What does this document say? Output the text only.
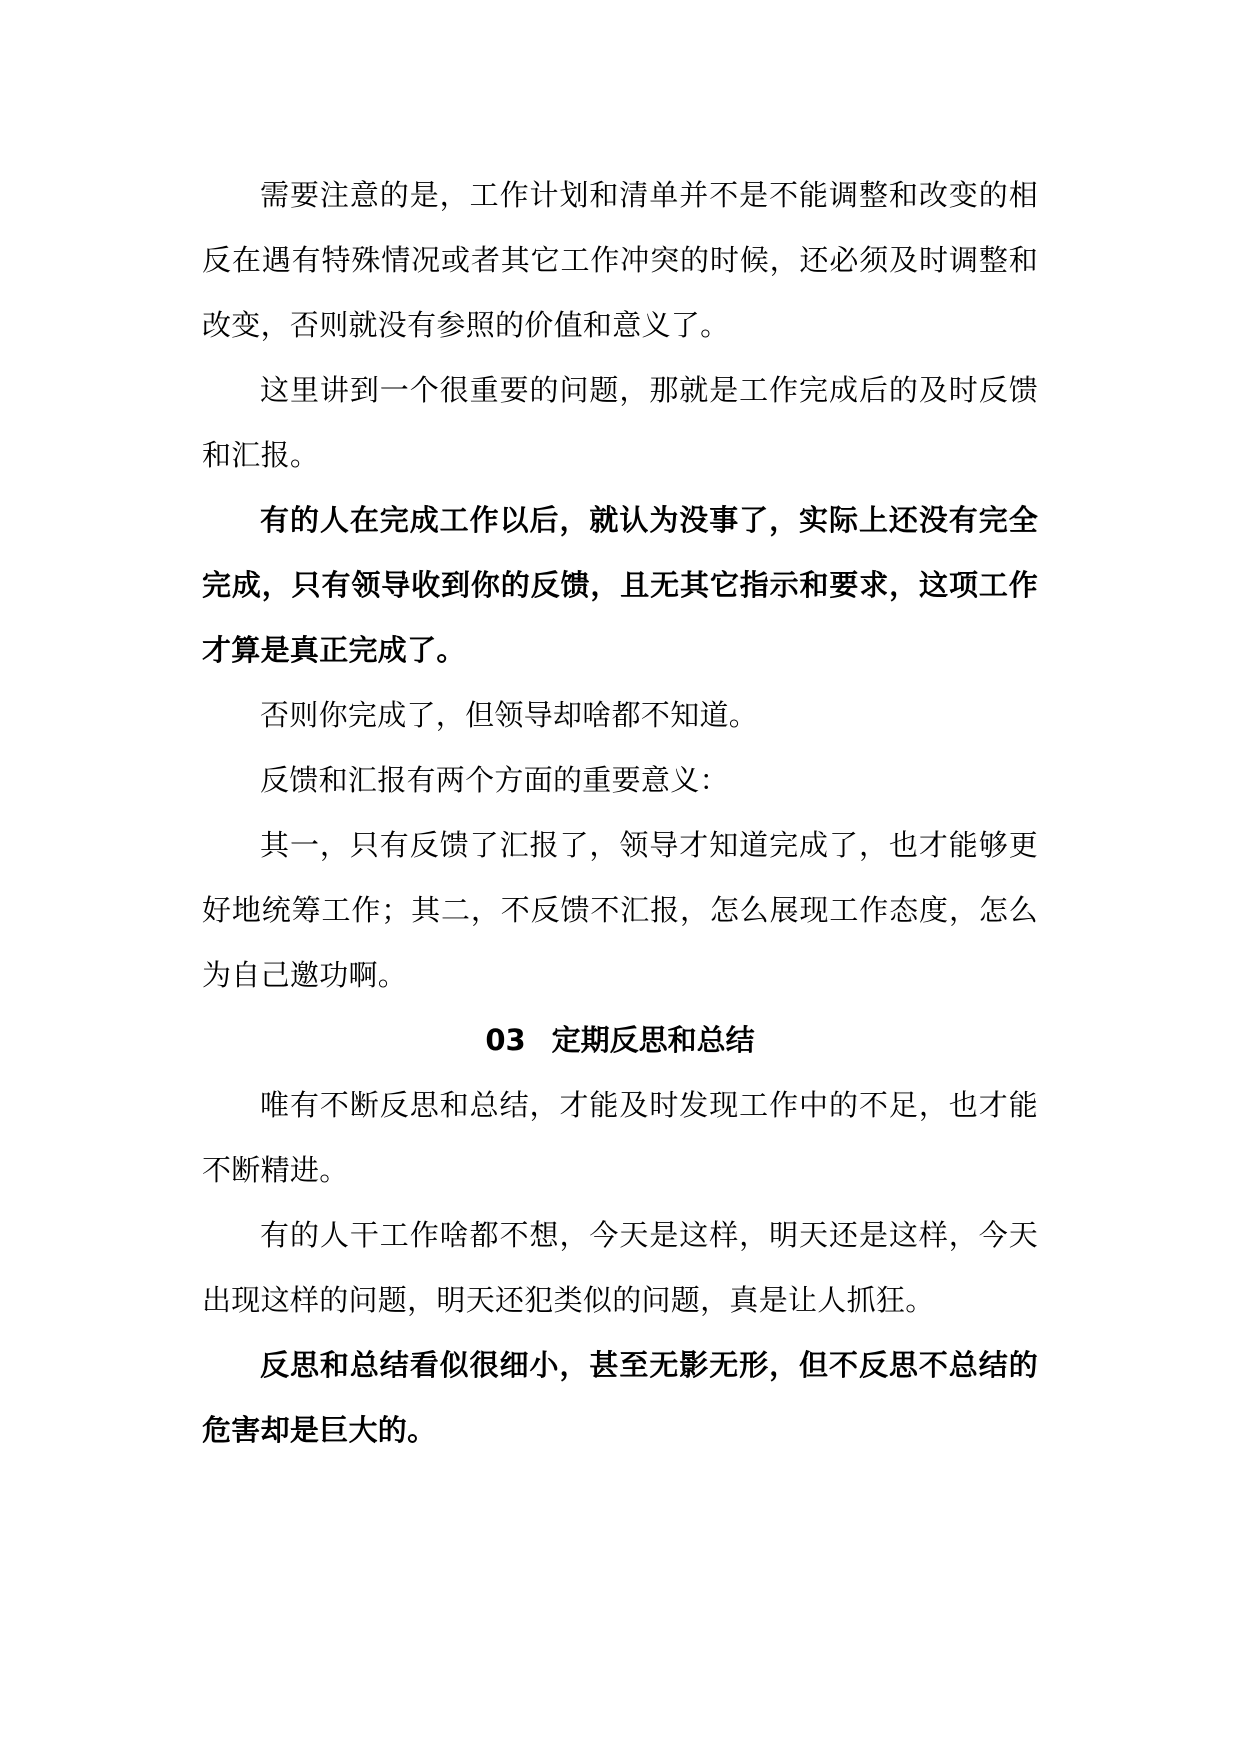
需要注意的是，工作计划和清单并不是不能调整和改变的相反在遇有特殊情况或者其它工作冲突的时候，还必须及时调整和改变，否则就没有参照的价值和意义了。

这里讲到一个很重要的问题，那就是工作完成后的及时反馈和汇报。

有的人在完成工作以后，就认为没事了，实际上还没有完全完成，只有领导收到你的反馈，且无其它指示和要求，这项工作才算是真正完成了。

否则你完成了，但领导却啥都不知道。

反馈和汇报有两个方面的重要意义：

其一，只有反馈了汇报了，领导才知道完成了，也才能够更好地统筹工作；其二，不反馈不汇报，怎么展现工作态度，怎么为自己邀功啊。

03 定期反思和总结

唯有不断反思和总结，才能及时发现工作中的不足，也才能不断精进。

有的人干工作啥都不想，今天是这样，明天还是这样，今天出现这样的问题，明天还犯类似的问题，真是让人抓狂。

反思和总结看似很细小，甚至无影无形，但不反思不总结的危害却是巨大的。
